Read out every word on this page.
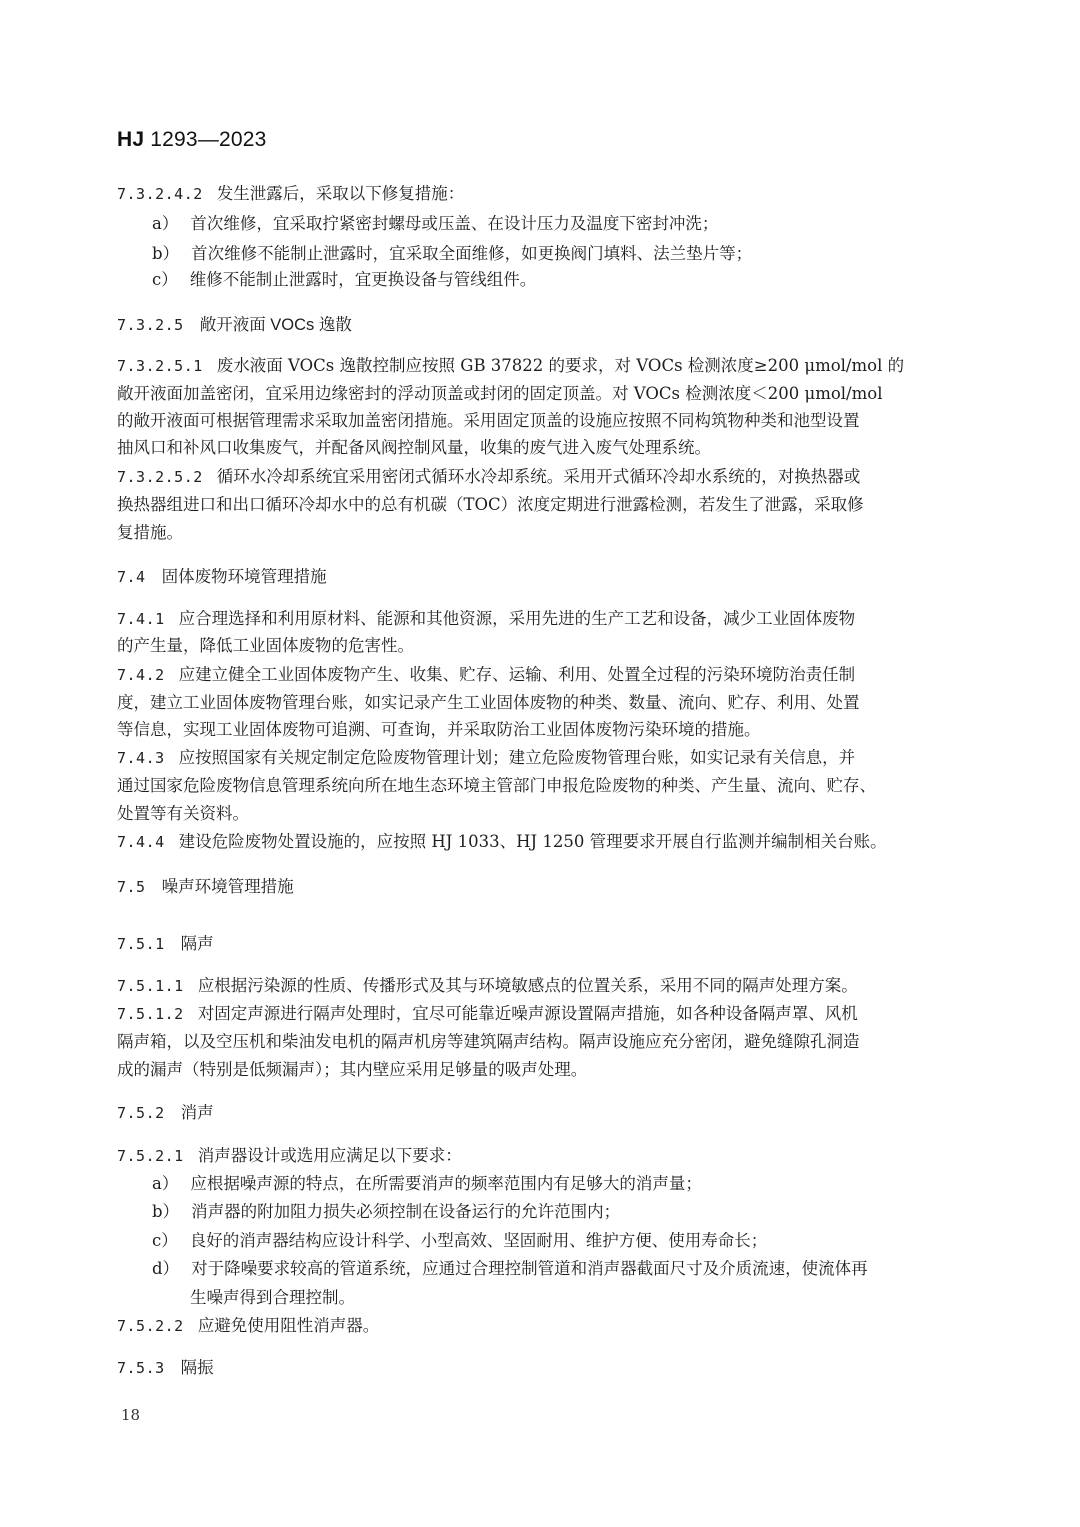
HJ 1293—2023
7.3.2.4.2 发生泄露后，采取以下修复措施：
a） 首次维修，宜采取拧紧密封螺母或压盖、在设计压力及温度下密封冲洗；
b） 首次维修不能制止泄露时，宜采取全面维修，如更换阀门填料、法兰垫片等；
c） 维修不能制止泄露时，宜更换设备与管线组件。
7.3.2.5 敞开液面 VOCs 逸散
7.3.2.5.1 废水液面 VOCs 逸散控制应按照 GB 37822 的要求，对 VOCs 检测浓度≥200 μmol/mol 的
敞开液面加盖密闭，宜采用边缘密封的浮动顶盖或封闭的固定顶盖。对 VOCs 检测浓度＜200 μmol/mol
的敞开液面可根据管理需求采取加盖密闭措施。采用固定顶盖的设施应按照不同构筑物种类和池型设置
抽风口和补风口收集废气，并配备风阀控制风量，收集的废气进入废气处理系统。
7.3.2.5.2 循环水冷却系统宜采用密闭式循环水冷却系统。采用开式循环冷却水系统的，对换热器或
换热器组进口和出口循环冷却水中的总有机碳（TOC）浓度定期进行泄露检测，若发生了泄露，采取修
复措施。
7.4 固体废物环境管理措施
7.4.1 应合理选择和利用原材料、能源和其他资源，采用先进的生产工艺和设备，减少工业固体废物
的产生量，降低工业固体废物的危害性。
7.4.2 应建立健全工业固体废物产生、收集、贮存、运输、利用、处置全过程的污染环境防治责任制
度，建立工业固体废物管理台账，如实记录产生工业固体废物的种类、数量、流向、贮存、利用、处置
等信息，实现工业固体废物可追溯、可查询，并采取防治工业固体废物污染环境的措施。
7.4.3 应按照国家有关规定制定危险废物管理计划；建立危险废物管理台账，如实记录有关信息，并
通过国家危险废物信息管理系统向所在地生态环境主管部门申报危险废物的种类、产生量、流向、贮存、
处置等有关资料。
7.4.4 建设危险废物处置设施的，应按照 HJ 1033、HJ 1250 管理要求开展自行监测并编制相关台账。
7.5 噪声环境管理措施
7.5.1 隔声
7.5.1.1 应根据污染源的性质、传播形式及其与环境敏感点的位置关系，采用不同的隔声处理方案。
7.5.1.2 对固定声源进行隔声处理时，宜尽可能靠近噪声源设置隔声措施，如各种设备隔声罩、风机
隔声箱，以及空压机和柴油发电机的隔声机房等建筑隔声结构。隔声设施应充分密闭，避免缝隙孔洞造
成的漏声（特别是低频漏声）；其内壁应采用足够量的吸声处理。
7.5.2 消声
7.5.2.1 消声器设计或选用应满足以下要求：
a） 应根据噪声源的特点，在所需要消声的频率范围内有足够大的消声量；
b） 消声器的附加阻力损失必须控制在设备运行的允许范围内；
c） 良好的消声器结构应设计科学、小型高效、坚固耐用、维护方便、使用寿命长；
d） 对于降噪要求较高的管道系统，应通过合理控制管道和消声器截面尺寸及介质流速，使流体再
生噪声得到合理控制。
7.5.2.2 应避免使用阻性消声器。
7.5.3 隔振
18
